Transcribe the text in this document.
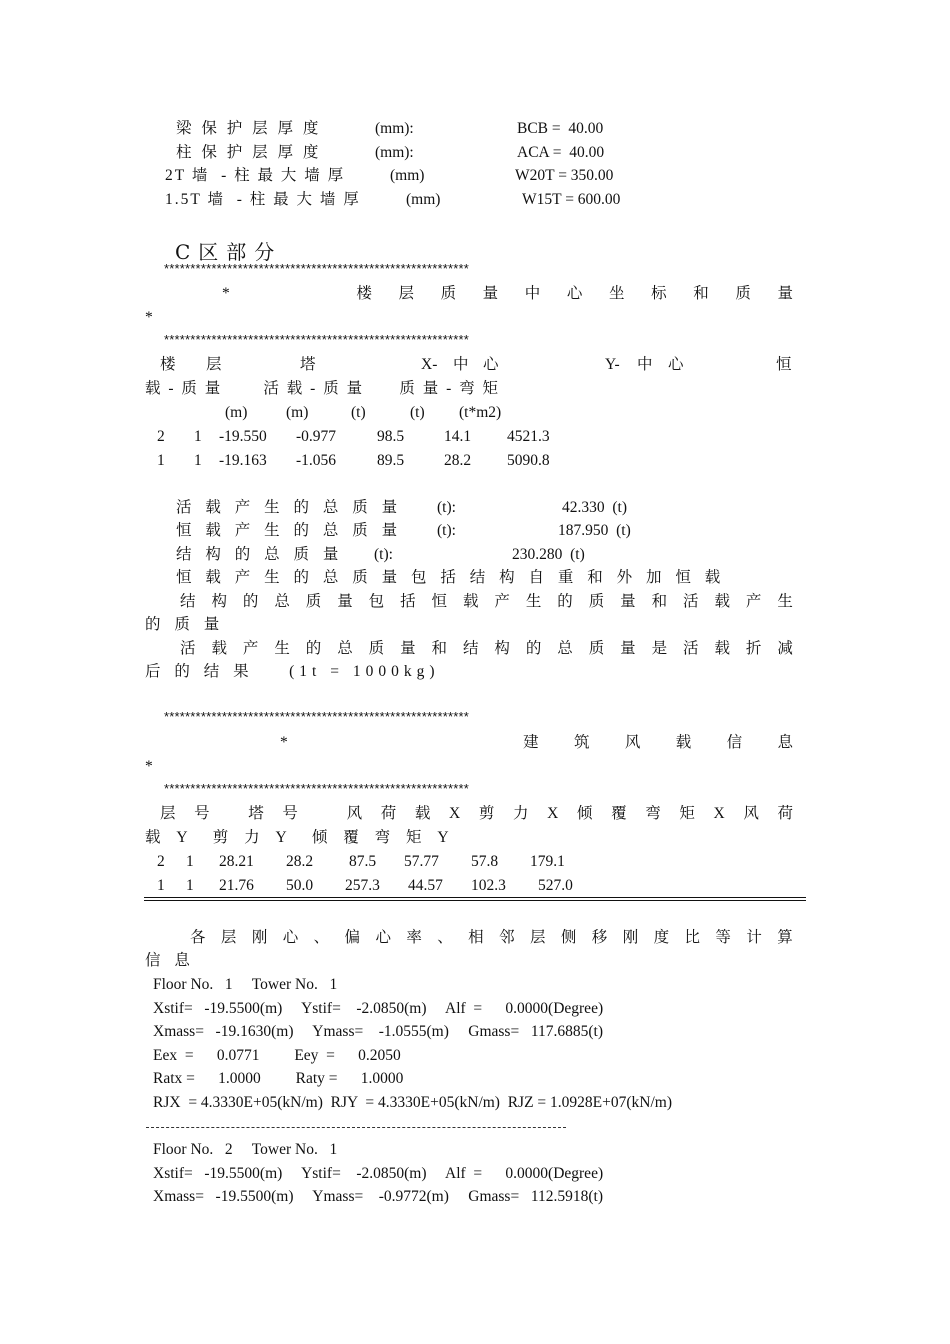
梁 保 护 层 厚 度	(mm):	BCB =  40.00
柱 保 护 层 厚 度	(mm):	ACA =  40.00
2T 墙  - 柱 最 大 墙 厚	(mm)	W20T = 350.00
1.5T 墙  - 柱 最 大 墙 厚	(mm)	W15T = 600.00
C区部分
**********************************************************
*	楼 层 质 量 中 心 坐 标 和 质 量
*
**********************************************************
楼 层	塔	X- 中 心	Y- 中 心	恒
载 - 质 量       活 载 - 质 量      质 量 - 弯 矩
(m) (m)	(t)	(t) (t*m2)
2 1 -19.550 -0.977	98.5	14.1 4521.3
1 1 -19.163 -1.056	89.5	28.2 5090.8
活 载 产 生 的 总 质 量 (t):	42.330  (t)
恒 载 产 生 的 总 质 量 (t):	187.950  (t)
结 构 的 总 质 量 (t):	230.280  (t)
恒 载 产 生 的 总 质 量 包 括 结 构 自 重 和 外 加 恒 载
结 构 的 总 质 量 包 括 恒 载 产 生 的 质 量 和 活 载 产 生
的 质 量
活 载 产 生 的 总 质 量 和 结 构 的 总 质 量 是 活 载 折 减
后 的 结 果    (1t = 1000kg)
**********************************************************
*	建 筑 风 载 信 息
*
**********************************************************
层 号 塔 号	风 荷 载 X 剪 力 X 倾 覆 弯 矩 X 风 荷
载 Y  剪 力 Y  倾 覆 弯 矩 Y
2 1 28.21 28.2 87.5 57.77 57.8 179.1
1 1 21.76 50.0 257.3 44.57 102.3 527.0
各 层 刚 心 、 偏 心 率 、 相 邻 层 侧 移 刚 度 比 等 计 算
信 息
Floor No.   1     Tower No.   1
Xstif=   -19.5500(m)     Ystif=    -2.0850(m)     Alf  =      0.0000(Degree)
Xmass=   -19.1630(m)     Ymass=    -1.0555(m)     Gmass=   117.6885(t)
Eex  =      0.0771         Eey  =      0.2050
Ratx =      1.0000         Raty =      1.0000
RJX  = 4.3330E+05(kN/m)  RJY  = 4.3330E+05(kN/m)  RJZ = 1.0928E+07(kN/m)
Floor No.   2     Tower No.   1
Xstif=   -19.5500(m)     Ystif=    -2.0850(m)     Alf  =      0.0000(Degree)
Xmass=   -19.5500(m)     Ymass=    -0.9772(m)     Gmass=   112.5918(t)
